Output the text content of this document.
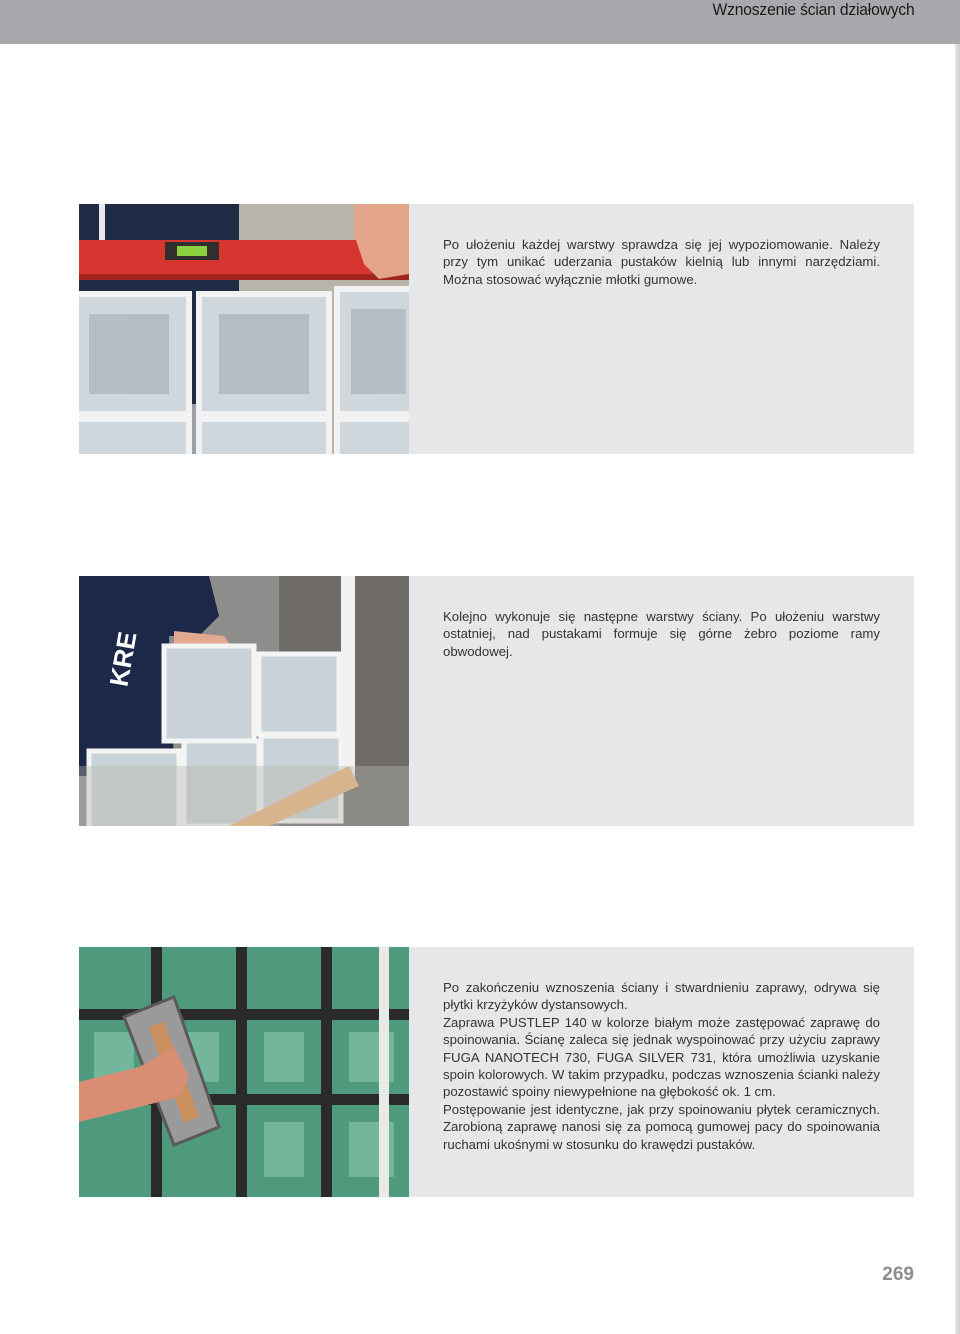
Wznoszenie ścian działowych

Po ułożeniu każdej warstwy sprawdza się jej wypoziomowanie. Należy przy tym unikać uderzania pustaków kielnią lub innymi narzędziami. Można stosować wyłącznie młotki gumowe.

KRE

Kolejno wykonuje się następne warstwy ściany. Po ułożeniu warstwy ostatniej, nad pustakami formuje się górne żebro poziome ramy obwodowej.

Po zakończeniu wznoszenia ściany i stwardnieniu zaprawy, odrywa się płytki krzyżyków dystansowych.

Zaprawa PUSTLEP 140 w kolorze białym może zastępować zaprawę do spoinowania. Ścianę zaleca się jednak wyspoinować przy użyciu zaprawy FUGA NANOTECH 730, FUGA SILVER 731, która umożliwia uzyskanie spoin kolorowych. W takim przypadku, podczas wznoszenia ścianki należy pozostawić spoiny niewypełnione na głębokość ok. 1 cm.

Postępowanie jest identyczne, jak przy spoinowaniu płytek ceramicznych. Zarobioną zaprawę nanosi się za pomocą gumowej pacy do spoinowania ruchami ukośnymi w stosunku do krawędzi pustaków.

269
